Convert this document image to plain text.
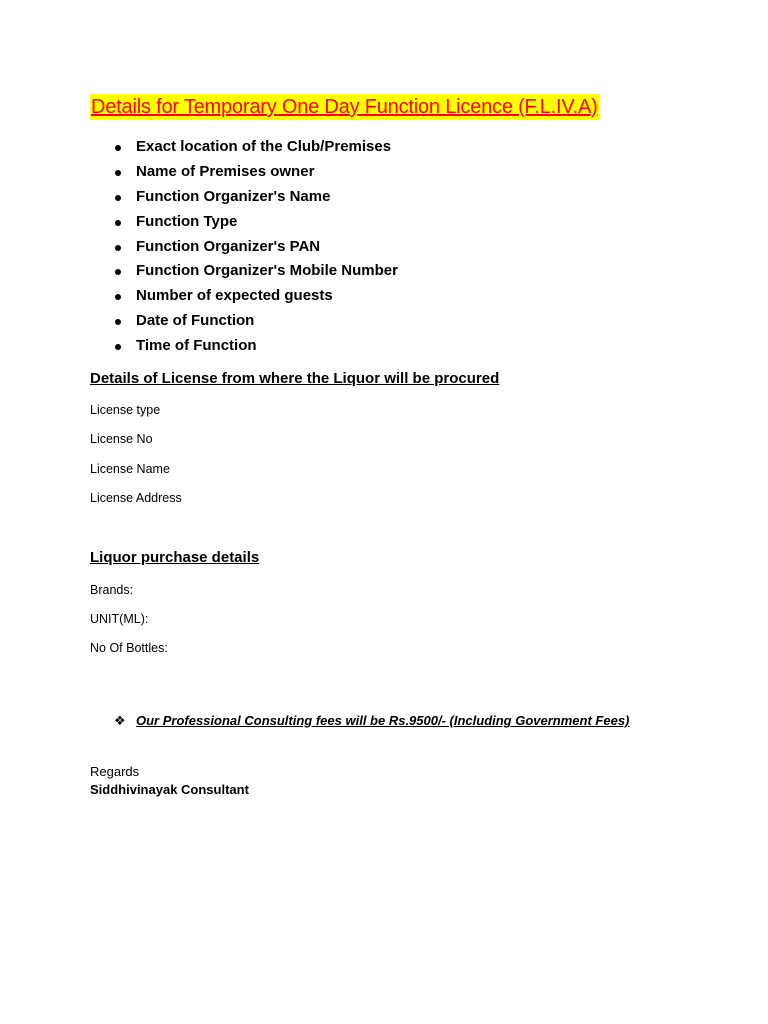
Details for Temporary One Day Function Licence (F.L.IV.A)
Exact location of the Club/Premises
Name of Premises owner
Function Organizer's Name
Function Type
Function Organizer's PAN
Function Organizer's Mobile Number
Number of expected guests
Date of Function
Time of Function
Details of License from where the Liquor will be procured
License type
License No
License Name
License Address
Liquor purchase details
Brands:
UNIT(ML):
No Of Bottles:
❖ Our Professional Consulting fees will be Rs.9500/- (Including Government Fees)
Regards
Siddhivinayak Consultant
